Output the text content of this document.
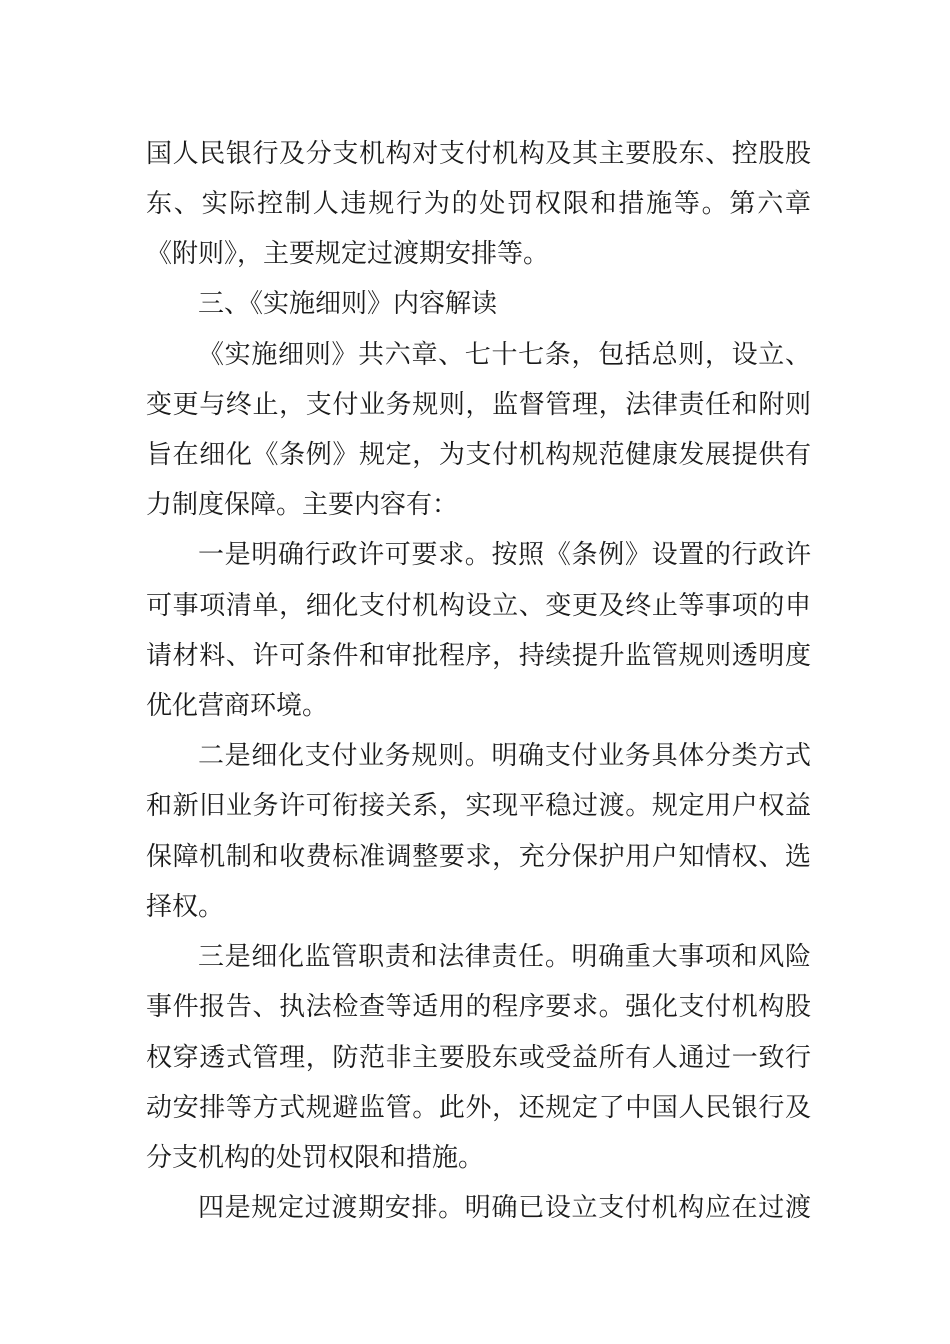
国人民银行及分支机构对支付机构及其主要股东、控股股
东、实际控制人违规行为的处罚权限和措施等。第六章
《附则》，主要规定过渡期安排等。
三、《实施细则》内容解读
《实施细则》共六章、七十七条，包括总则，设立、
变更与终止，支付业务规则，监督管理，法律责任和附则
旨在细化《条例》规定，为支付机构规范健康发展提供有
力制度保障。主要内容有：
一是明确行政许可要求。按照《条例》设置的行政许
可事项清单，细化支付机构设立、变更及终止等事项的申
请材料、许可条件和审批程序，持续提升监管规则透明度
优化营商环境。
二是细化支付业务规则。明确支付业务具体分类方式
和新旧业务许可衔接关系，实现平稳过渡。规定用户权益
保障机制和收费标准调整要求，充分保护用户知情权、选
择权。
三是细化监管职责和法律责任。明确重大事项和风险
事件报告、执法检查等适用的程序要求。强化支付机构股
权穿透式管理，防范非主要股东或受益所有人通过一致行
动安排等方式规避监管。此外，还规定了中国人民银行及
分支机构的处罚权限和措施。
四是规定过渡期安排。明确已设立支付机构应在过渡
